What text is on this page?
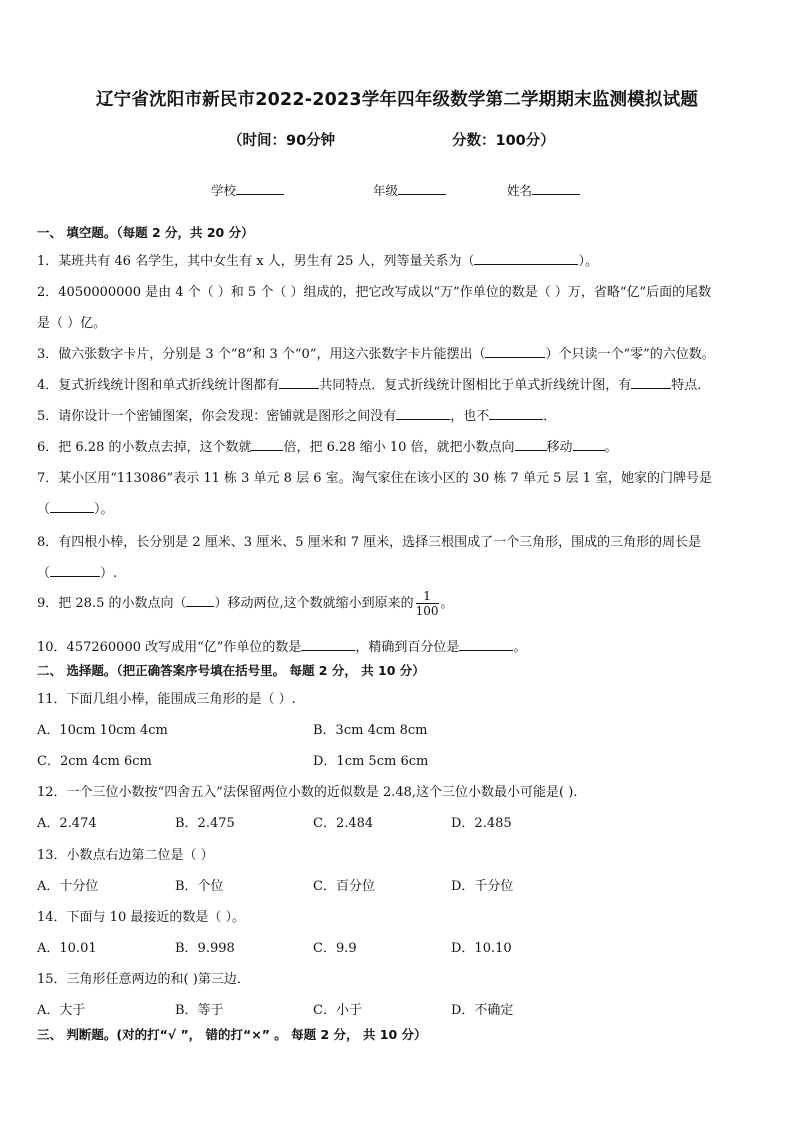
辽宁省沈阳市新民市2022-2023学年四年级数学第二学期期末监测模拟试题
（时间：90分钟	分数：100分）
学校	年级	姓名
一、 填空题。（每题 2 分，共 20 分）
1．某班共有 46 名学生，其中女生有 x 人，男生有 25 人，列等量关系为（	）。
2．4050000000 是由 4 个（ ）和 5 个（ ）组成的，把它改写成以“万”作单位的数是（ ）万，省略“亿”后面的尾数
是（ ）亿。
3．做六张数字卡片，分别是 3 个“8”和 3 个“0”，用这六张数字卡片能摆出（	）个只读一个“零”的六位数。
4．复式折线统计图和单式折线统计图都有	共同特点．复式折线统计图相比于单式折线统计图，有	特点．
5．请你设计一个密铺图案，你会发现：密铺就是图形之间没有	，也不	．
6．把 6.28 的小数点去掉，这个数就 倍，把 6.28 缩小 10 倍，就把小数点向 移动 。
7．某小区用“113086”表示 11 栋 3 单元 8 层 6 室。淘气家住在该小区的 30 栋 7 单元 5 层 1 室，她家的门牌号是
（	）。
8．有四根小棒，长分别是 2 厘米、3 厘米、5 厘米和 7 厘米，选择三根围成了一个三角形，围成的三角形的周长是
（	）.
9．把 28.5 的小数点向（ ）移动两位,这个数就缩小到原来的 $\frac{1}{100}$ 。
10．457260000 改写成用“亿”作单位的数是	，精确到百分位是	。
二、 选择题。（把正确答案序号填在括号里。 每题 2 分， 共 10 分）
11．下面几组小棒，能围成三角形的是（ ）.
A．10cm 10cm 4cm	B．3cm 4cm 8cm
C．2cm 4cm 6cm	D．1cm 5cm 6cm
12．一个三位小数按“四舍五入”法保留两位小数的近似数是 2.48,这个三位小数最小可能是( ).
A．2.474	B．2.475	C．2.484	D．2.485
13．小数点右边第二位是（ ）
A．十分位	B．个位	C．百分位	D．千分位
14．下面与 10 最接近的数是（ ）。
A．10.01	B．9.998	C．9.9	D．10.10
15．三角形任意两边的和( )第三边．
A．大于	B．等于	C．小于	D．不确定
三、 判断题。(对的打“√ ”， 错的打“×” 。 每题 2 分， 共 10 分）
